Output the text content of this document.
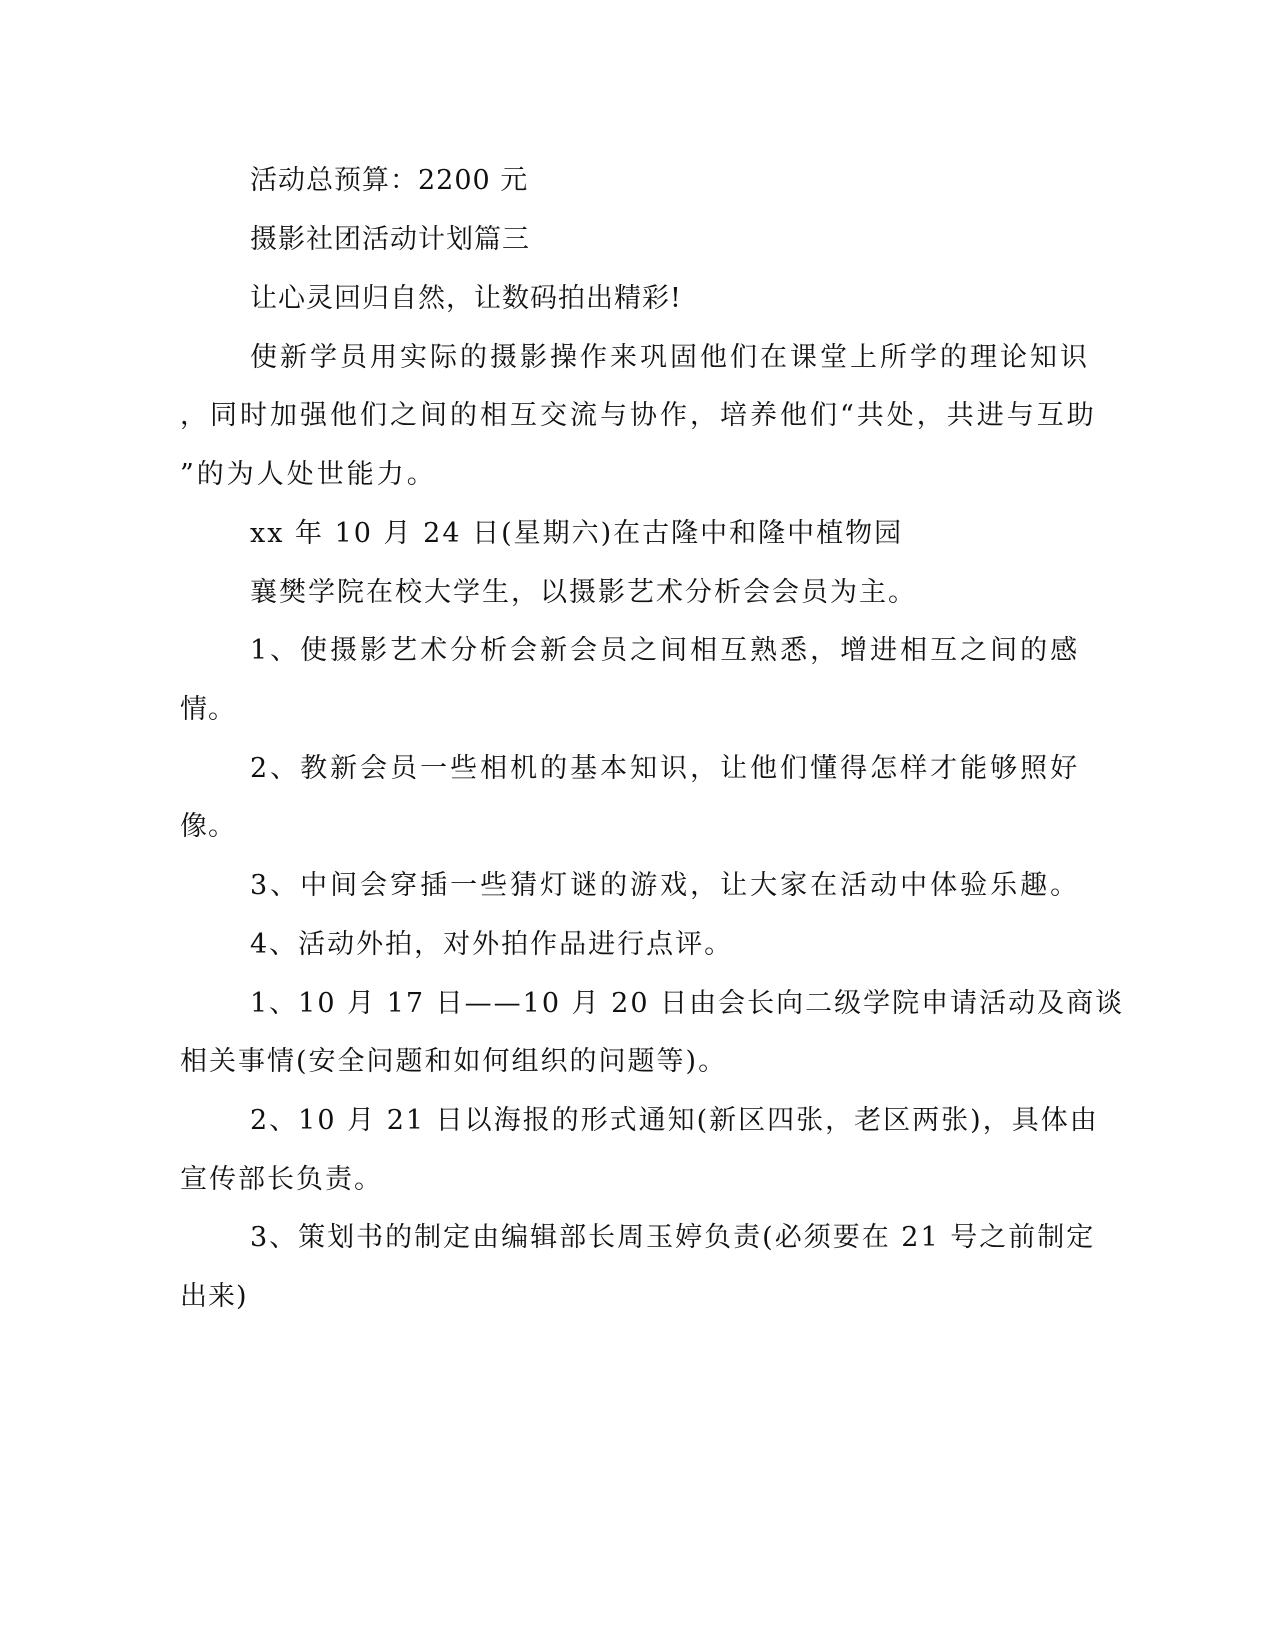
活动总预算：2200 元
摄影社团活动计划篇三
让心灵回归自然，让数码拍出精彩!
使新学员用实际的摄影操作来巩固他们在课堂上所学的理论知识
，同时加强他们之间的相互交流与协作，培养他们“共处，共进与互助
”的为人处世能力。
xx 年 10 月 24 日(星期六)在古隆中和隆中植物园
襄樊学院在校大学生，以摄影艺术分析会会员为主。
1、使摄影艺术分析会新会员之间相互熟悉，增进相互之间的感
情。
2、教新会员一些相机的基本知识，让他们懂得怎样才能够照好
像。
3、中间会穿插一些猜灯谜的游戏，让大家在活动中体验乐趣。
4、活动外拍，对外拍作品进行点评。
1、10 月 17 日——10 月 20 日由会长向二级学院申请活动及商谈
相关事情(安全问题和如何组织的问题等)。
2、10 月 21 日以海报的形式通知(新区四张，老区两张)，具体由
宣传部长负责。
3、策划书的制定由编辑部长周玉婷负责(必须要在 21 号之前制定
出来)
